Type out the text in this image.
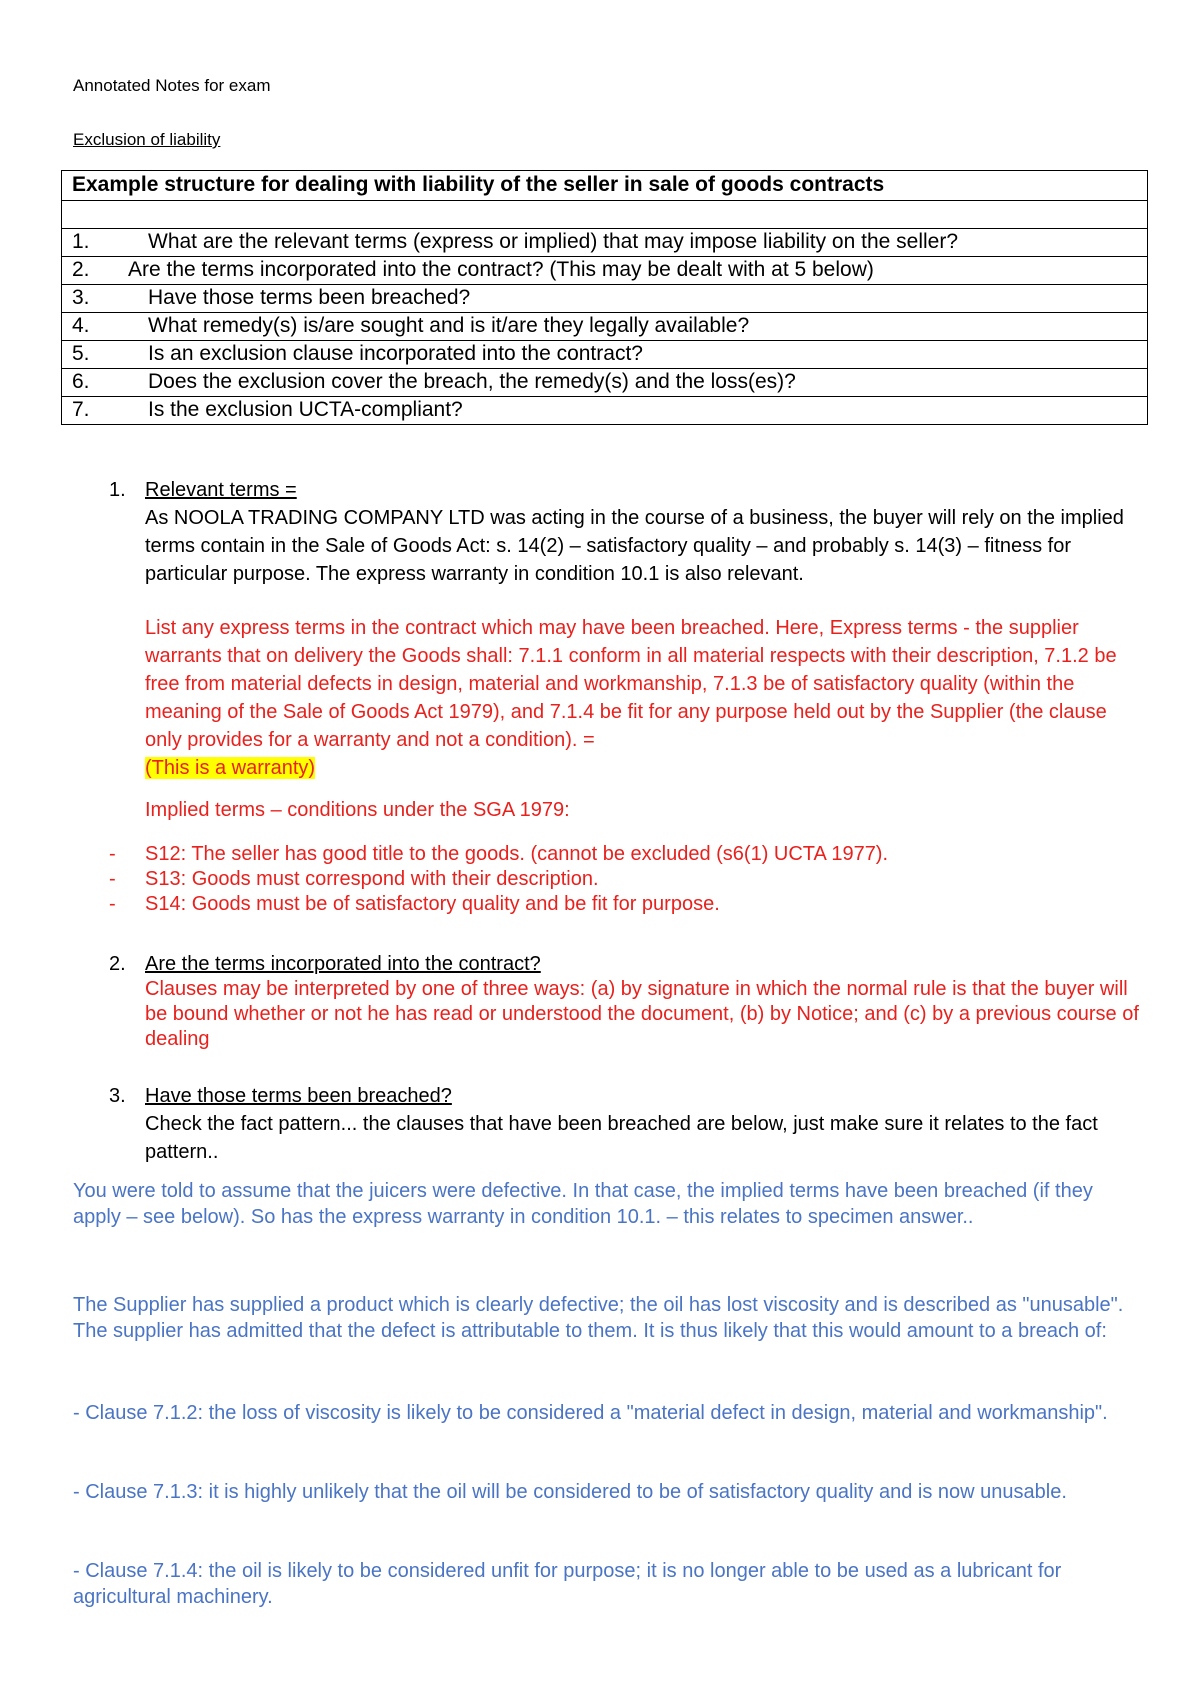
Annotated Notes for exam
Exclusion of liability
Example structure for dealing with liability of the seller in sale of goods contracts

1.	What are the relevant terms (express or implied) that may impose liability on the seller?
2. Are the terms incorporated into the contract? (This may be dealt with at 5 below)
3.	Have those terms been breached?
4.	What remedy(s) is/are sought and is it/are they legally available?
5.	Is an exclusion clause incorporated into the contract?
6.	Does the exclusion cover the breach, the remedy(s) and the loss(es)?
7.	Is the exclusion UCTA-compliant?
1. Relevant terms =
As NOOLA TRADING COMPANY LTD was acting in the course of a business, the buyer will rely on the implied terms contain in the Sale of Goods Act: s. 14(2) – satisfactory quality – and probably s. 14(3) – fitness for particular purpose. The express warranty in condition 10.1 is also relevant.
List any express terms in the contract which may have been breached. Here, Express terms - the supplier warrants that on delivery the Goods shall: 7.1.1 conform in all material respects with their description, 7.1.2 be free from material defects in design, material and workmanship, 7.1.3 be of satisfactory quality (within the meaning of the Sale of Goods Act 1979), and 7.1.4 be fit for any purpose held out by the Supplier (the clause only provides for a warranty and not a condition). =
(This is a warranty)
Implied terms – conditions under the SGA 1979:
- S12: The seller has good title to the goods. (cannot be excluded (s6(1) UCTA 1977).
- S13: Goods must correspond with their description.
- S14: Goods must be of satisfactory quality and be fit for purpose.
2. Are the terms incorporated into the contract?
Clauses may be interpreted by one of three ways: (a) by signature in which the normal rule is that the buyer will be bound whether or not he has read or understood the document, (b) by Notice; and (c) by a previous course of dealing
3. Have those terms been breached?
Check the fact pattern... the clauses that have been breached are below, just make sure it relates to the fact pattern..
You were told to assume that the juicers were defective. In that case, the implied terms have been breached (if they apply – see below). So has the express warranty in condition 10.1. – this relates to specimen answer..
The Supplier has supplied a product which is clearly defective; the oil has lost viscosity and is described as "unusable". The supplier has admitted that the defect is attributable to them. It is thus likely that this would amount to a breach of:
- Clause 7.1.2: the loss of viscosity is likely to be considered a "material defect in design, material and workmanship".
- Clause 7.1.3: it is highly unlikely that the oil will be considered to be of satisfactory quality and is now unusable.
- Clause 7.1.4: the oil is likely to be considered unfit for purpose; it is no longer able to be used as a lubricant for agricultural machinery.
